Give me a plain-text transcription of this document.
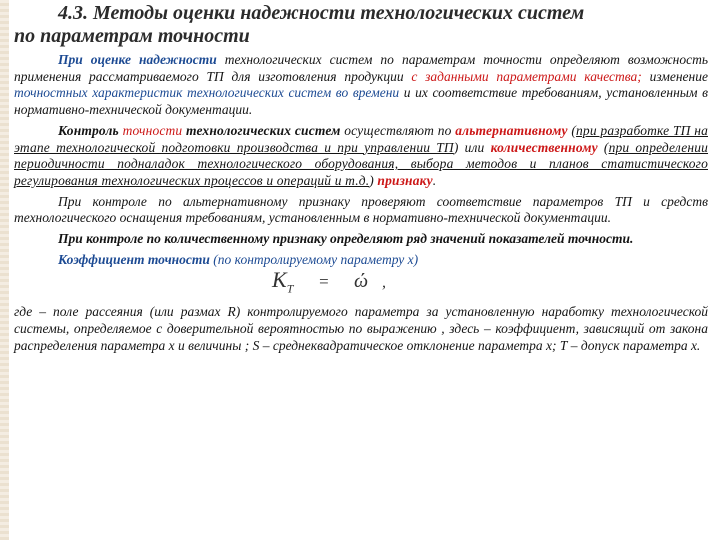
4.3. Методы оценки надежности технологических систем
по параметрам точности

При оценке надежности технологических систем по параметрам точности определяют возможность применения рассматриваемого ТП для изготовления продукции с заданными параметрами качества; изменение точностных характеристик технологических систем во времени и их соответствие требованиям, установленным в нормативно-технической документации.

Контроль точности технологических систем осуществляют по альтернативному (при разработке ТП на этапе технологической подготовки производства и при управлении ТП) или количественному (при определении периодичности подналадок технологического оборудования, выбора методов и планов статистического регулирования технологических процессов и операций и т.д.) признаку.

При контроле по альтернативному признаку проверяют соответствие параметров ТП и средств технологического оснащения требованиям, установленным в нормативно-технической документации.

При контроле по количественному признаку определяют ряд значений показателей точности.

Коэффициент точности (по контролируемому параметру х)

$K_T = ώ$ ,

где – поле рассеяния (или размах R) контролируемого параметра за установленную наработку технологической системы, определяемое с доверительной вероятностью по выражению , здесь – коэффициент, зависящий от закона распределения параметра х и величины ; S – среднеквадратическое отклонение параметра х; Т – допуск параметра х.
